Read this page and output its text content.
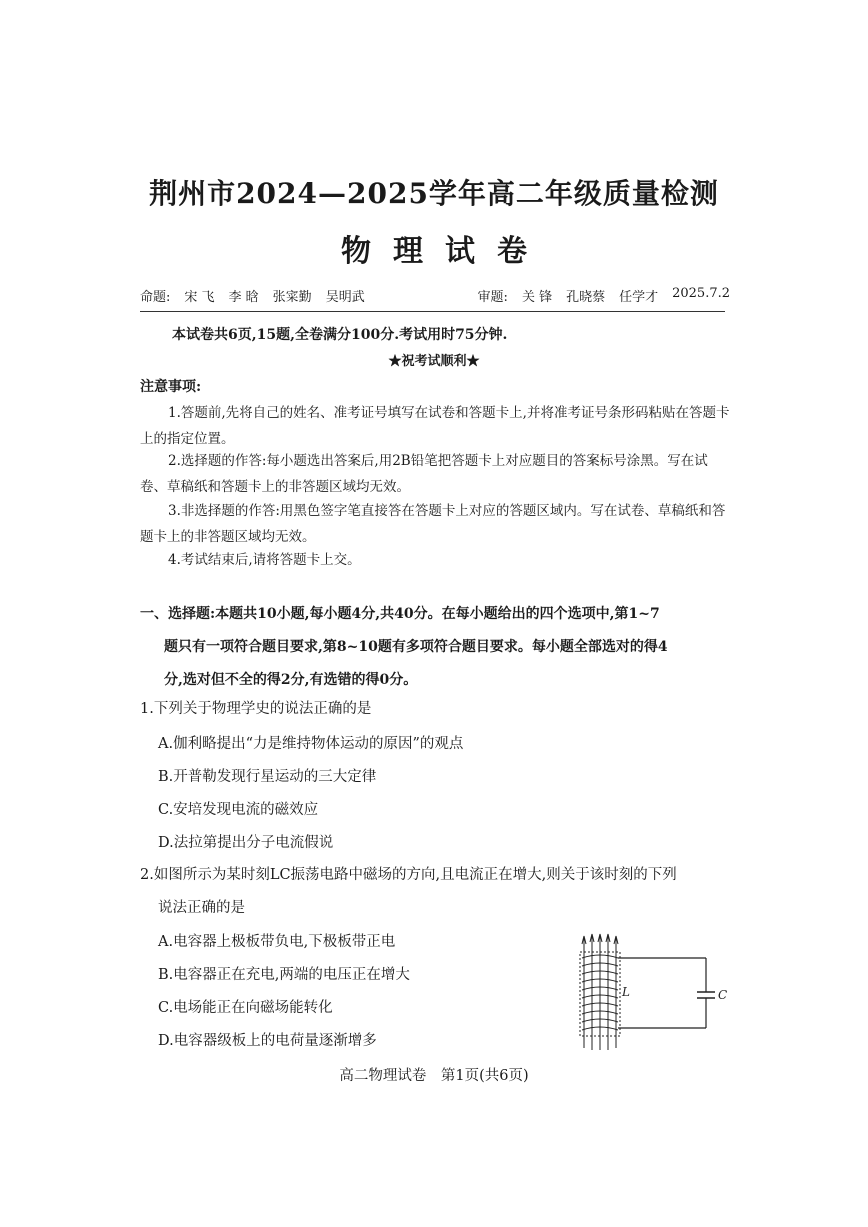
荆州市2024—2025学年高二年级质量检测
物理试卷
命题: 宋 飞 李 晗 张寀勤 吴明武	审题: 关 锋 孔晓蔡 任学才 2025.7.2
本试卷共6页,15题,全卷满分100分.考试用时75分钟.
★祝考试顺利★
注意事项:
1.答题前,先将自己的姓名、准考证号填写在试卷和答题卡上,并将准考证号条形码粘贴在答题卡上的指定位置。
2.选择题的作答:每小题选出答案后,用2B铅笔把答题卡上对应题目的答案标号涂黑。写在试卷、草稿纸和答题卡上的非答题区域均无效。
3.非选择题的作答:用黑色签字笔直接答在答题卡上对应的答题区域内。写在试卷、草稿纸和答题卡上的非答题区域均无效。
4.考试结束后,请将答题卡上交。
一、选择题:本题共10小题,每小题4分,共40分。在每小题给出的四个选项中,第1~7
题只有一项符合题目要求,第8~10题有多项符合题目要求。每小题全部选对的得4
分,选对但不全的得2分,有选错的得0分。
1.下列关于物理学史的说法正确的是
A.伽利略提出“力是维持物体运动的原因”的观点
B.开普勒发现行星运动的三大定律
C.安培发现电流的磁效应
D.法拉第提出分子电流假说
2.如图所示为某时刻LC振荡电路中磁场的方向,且电流正在增大,则关于该时刻的下列
说法正确的是
A.电容器上极板带负电,下极板带正电
B.电容器正在充电,两端的电压正在增大
C.电场能正在向磁场能转化
D.电容器级板上的电荷量逐渐增多
L	C
高二物理试卷　第1页(共6页)
